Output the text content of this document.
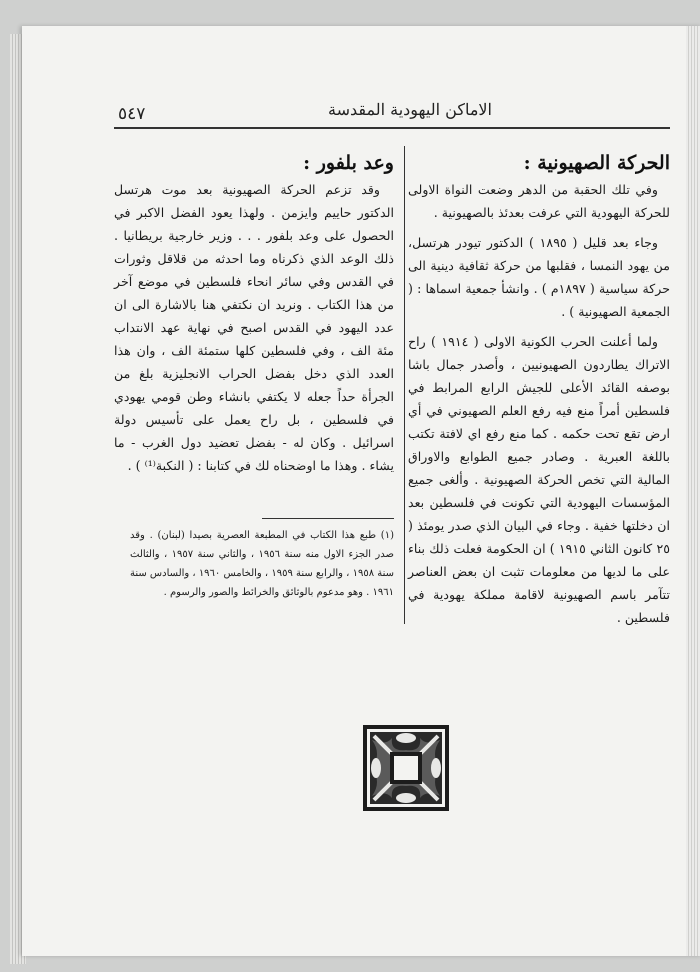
٥٤٧	الاماكن اليهودية المقدسة
الحركة الصهيونية :

وفي تلك الحقبة من الدهر وضعت النواة الاولى للحركة اليهودية التي عرفت بعدئذ بالصهيونية .

وجاء بعد قليل ( ١٨٩٥ ) الدكتور تيودر هرتسل، من يهود النمسا ، فقلبها من حركة ثقافية دينية الى حركة سياسية ( ١٨٩٧م ) . وانشأ جمعية اسماها : ( الجمعية الصهيونية ) .

ولما أعلنت الحرب الكونية الاولى ( ١٩١٤ ) راح الاتراك يطاردون الصهيونيين ، وأصدر جمال باشا بوصفه القائد الأعلى للجيش الرابع المرابط في فلسطين أمراً منع فيه رفع العلم الصهيوني في أي ارض تقع تحت حكمه . كما منع رفع اي لافتة تكتب باللغة العبرية . وصادر جميع الطوابع والاوراق المالية التي تخص الحركة الصهيونية . وألغى جميع المؤسسات اليهودية التي تكونت في فلسطين بعد ان دخلتها خفية . وجاء في البيان الذي صدر يومئذ ( ٢٥ كانون الثاني ١٩١٥ ) ان الحكومة فعلت ذلك بناء على ما لديها من معلومات تثبت ان بعض العناصر تتآمر باسم الصهيونية لاقامة مملكة يهودية في فلسطين .

وعد بلفور :

وقد تزعم الحركة الصهيونية بعد موت هرتسل الدكتور حاييم وايزمن . ولهذا يعود الفضل الاكبر في الحصول على وعد بلفور . . . وزير خارجية بريطانيا . ذلك الوعد الذي ذكرناه وما احدثه من قلاقل وثورات في القدس وفي سائر انحاء فلسطين في موضع آخر من هذا الكتاب . ونريد ان نكتفي هنا بالاشارة الى ان عدد اليهود في القدس اصبح في نهاية عهد الانتداب مئة الف ، وفي فلسطين كلها ستمئة الف ، وان هذا العدد الذي دخل بفضل الحراب الانجليزية بلغ من الجرأة حداً جعله لا يكتفي بانشاء وطن قومي يهودي في فلسطين ، بل راح يعمل على تأسيس دولة اسرائيل . وكان له - بفضل تعضيد دول الغرب - ما يشاء . وهذا ما اوضحناه لك في كتابنا : ( النكبة⁽¹⁾ ) .

(١) طبع هذا الكتاب في المطبعة العصرية بصيدا (لبنان) . وقد صدر الجزء الاول منه سنة ١٩٥٦ ، والثاني سنة ١٩٥٧ ، والثالث سنة ١٩٥٨ ، والرابع سنة ١٩٥٩ ، والخامس ١٩٦٠ ، والسادس سنة ١٩٦١ . وهو مدعوم بالوثائق والخرائط والصور والرسوم .
